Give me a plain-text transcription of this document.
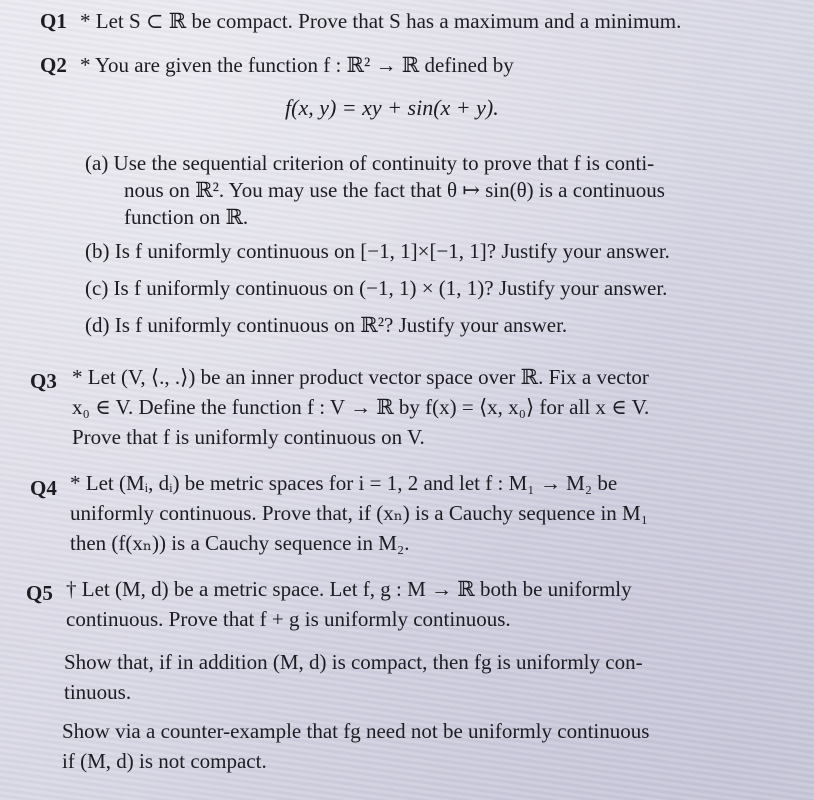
Q1 * Let S ⊂ ℝ be compact. Prove that S has a maximum and a minimum.
Q2 * You are given the function f : ℝ² → ℝ defined by
f(x, y) = xy + sin(x + y).
(a) Use the sequential criterion of continuity to prove that f is conti-
nous on ℝ². You may use the fact that θ ↦ sin(θ) is a continuous
function on ℝ.
(b) Is f uniformly continuous on [−1, 1]×[−1, 1]? Justify your answer.
(c) Is f uniformly continuous on (−1, 1) × (1, 1)? Justify your answer.
(d) Is f uniformly continuous on ℝ²? Justify your answer.
Q3 * Let (V, ⟨., .⟩) be an inner product vector space over ℝ. Fix a vector
x₀ ∈ V. Define the function f : V → ℝ by f(x) = ⟨x, x₀⟩ for all x ∈ V.
Prove that f is uniformly continuous on V.
Q4 * Let (Mᵢ, dᵢ) be metric spaces for i = 1, 2 and let f : M₁ → M₂ be
uniformly continuous. Prove that, if (xₙ) is a Cauchy sequence in M₁
then (f(xₙ)) is a Cauchy sequence in M₂.
Q5 † Let (M, d) be a metric space. Let f, g : M → ℝ both be uniformly
continuous. Prove that f + g is uniformly continuous.
Show that, if in addition (M, d) is compact, then fg is uniformly con-
tinuous.
Show via a counter-example that fg need not be uniformly continuous
if (M, d) is not compact.
